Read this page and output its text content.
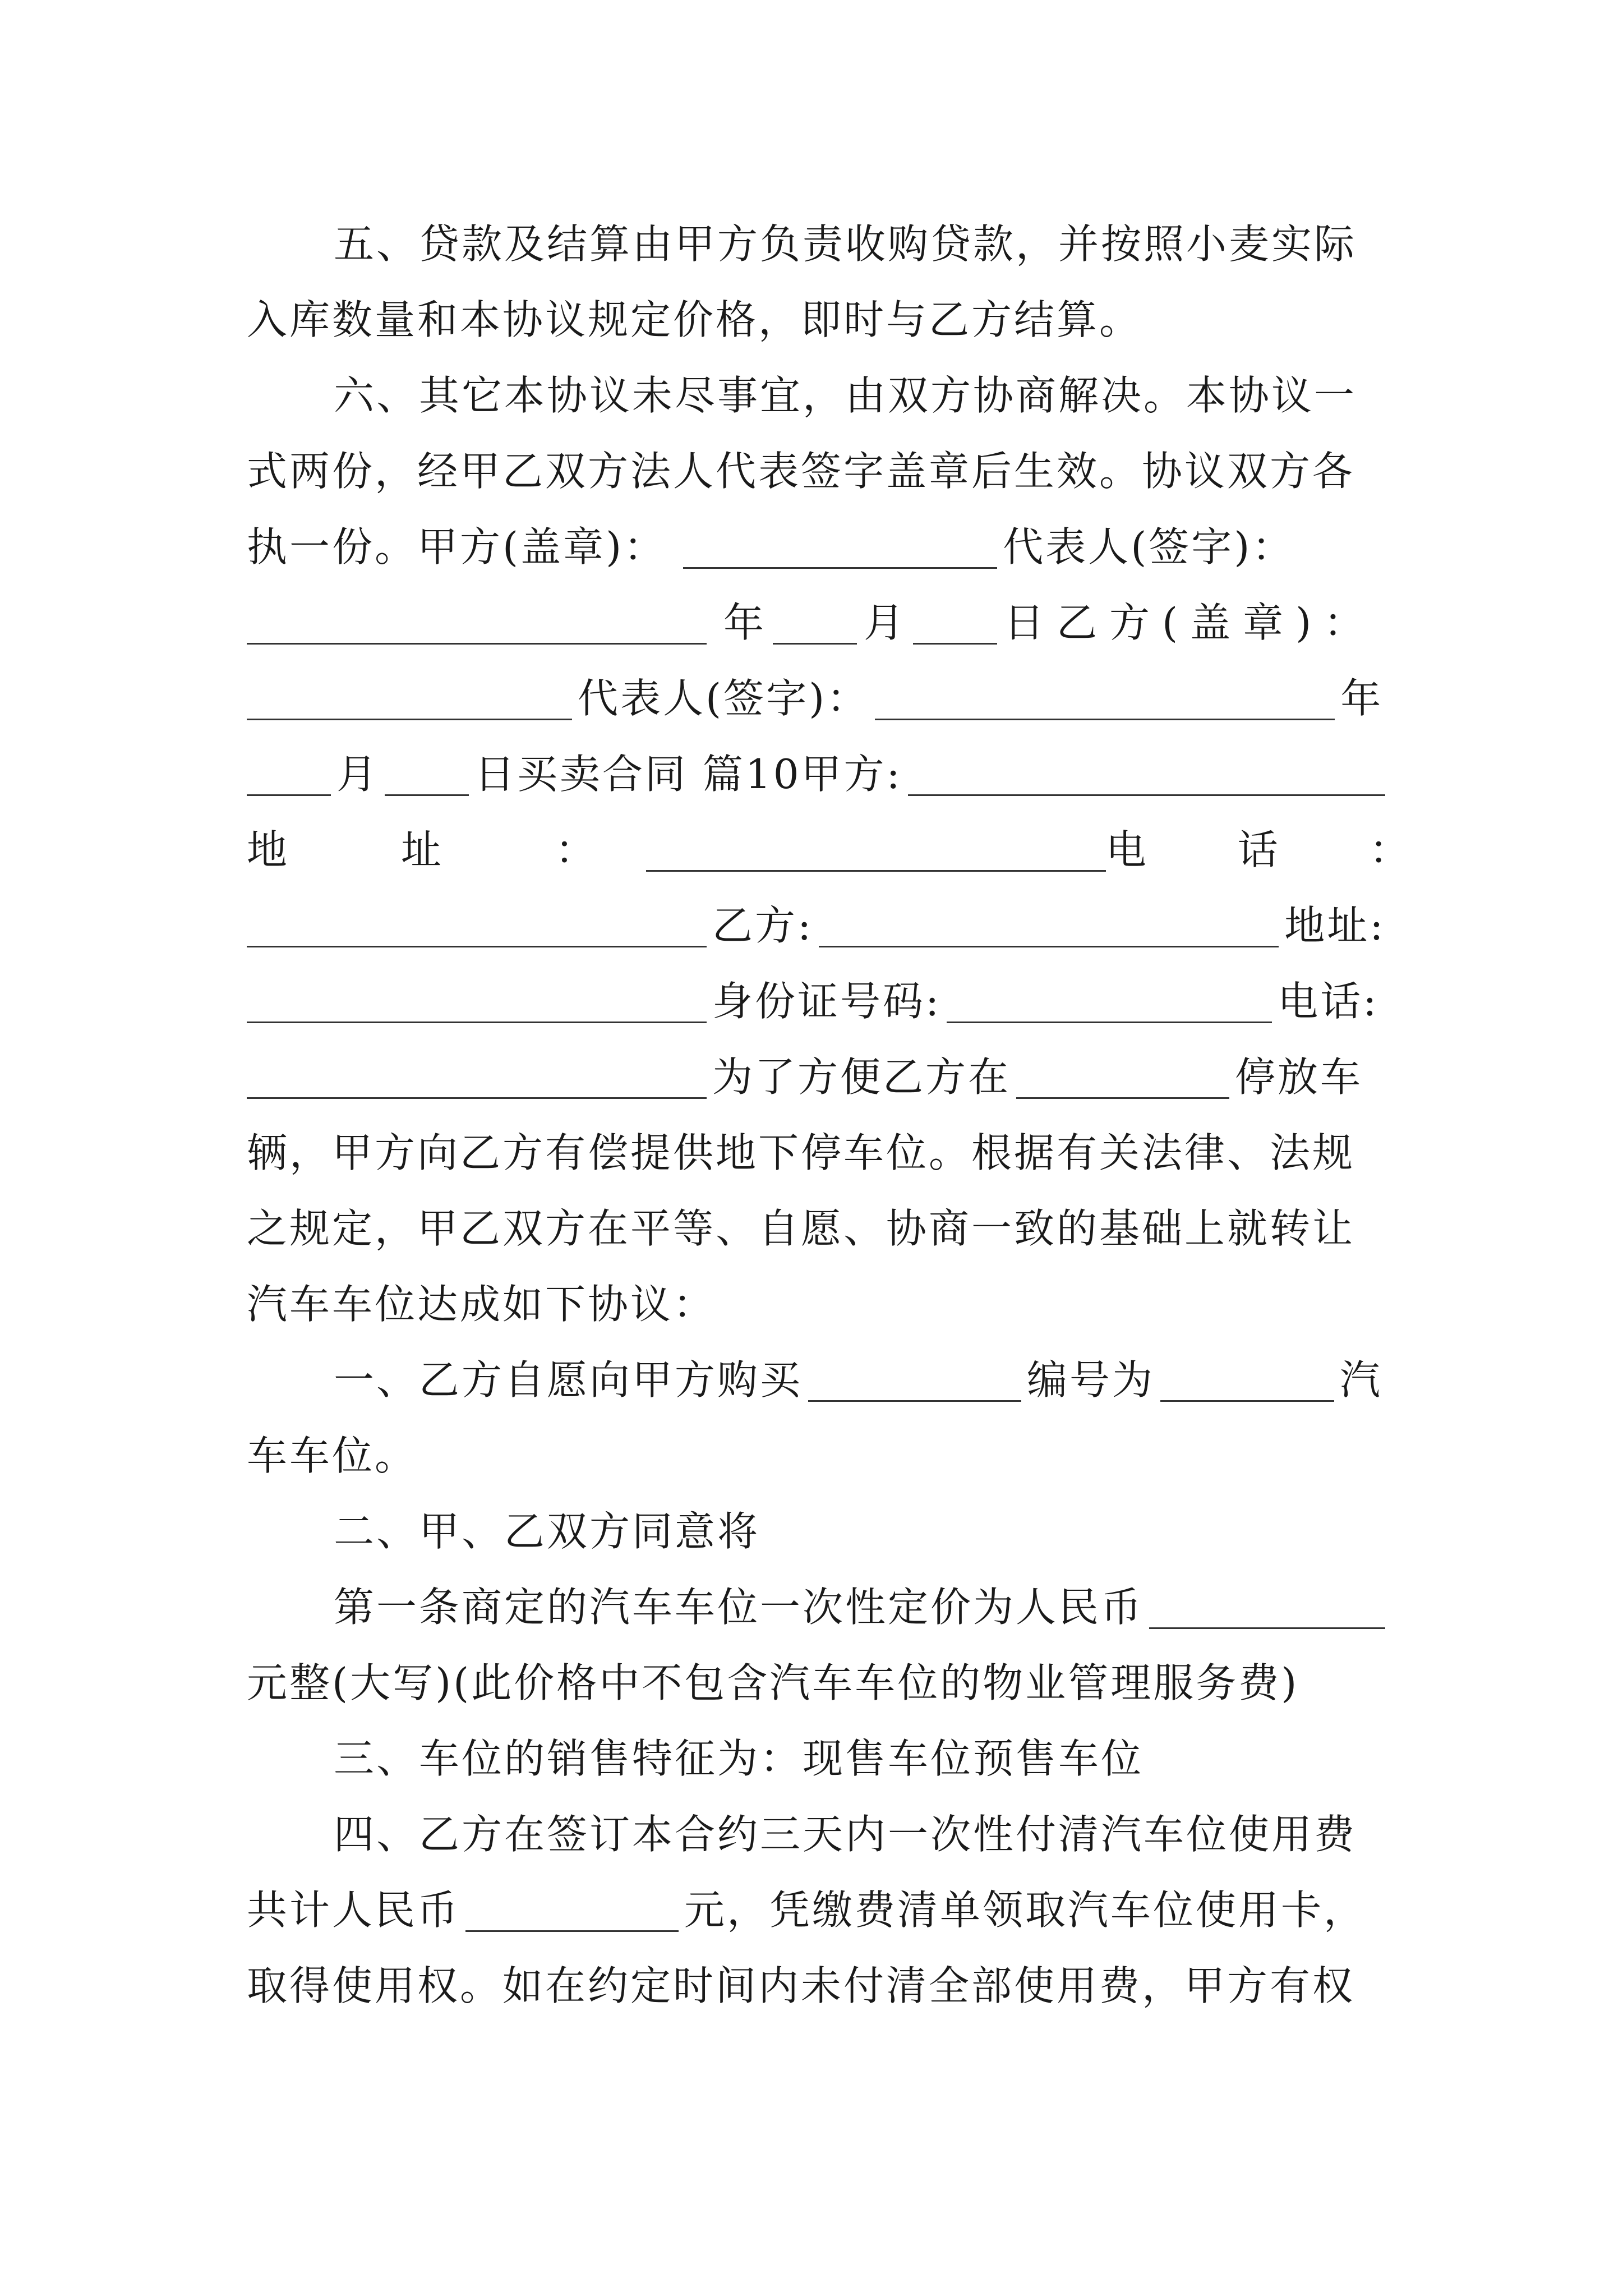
五、贷款及结算由甲方负责收购贷款，并按照小麦实际
入库数量和本协议规定价格，即时与乙方结算。
六、其它本协议未尽事宜，由双方协商解决。本协议一
式两份，经甲乙双方法人代表签字盖章后生效。协议双方各
执一份。甲方(盖章)：	代表人(签字)：
年 月 日乙方(盖章)：
代表人(签字)：	年
月 日买卖合同 篇10甲方:
地 址 ：	电 话 ：
乙方:	地址:
身份证号码:	电话:
为了方便乙方在	停放车
辆，甲方向乙方有偿提供地下停车位。根据有关法律、法规
之规定，甲乙双方在平等、自愿、协商一致的基础上就转让
汽车车位达成如下协议：
一、乙方自愿向甲方购买	编号为	汽
车车位。
二、甲、乙双方同意将
第一条商定的汽车车位一次性定价为人民币
元整(大写)(此价格中不包含汽车车位的物业管理服务费)
三、车位的销售特征为：现售车位预售车位
四、乙方在签订本合约三天内一次性付清汽车位使用费
共计人民币	元，凭缴费清单领取汽车位使用卡，
取得使用权。如在约定时间内未付清全部使用费，甲方有权
